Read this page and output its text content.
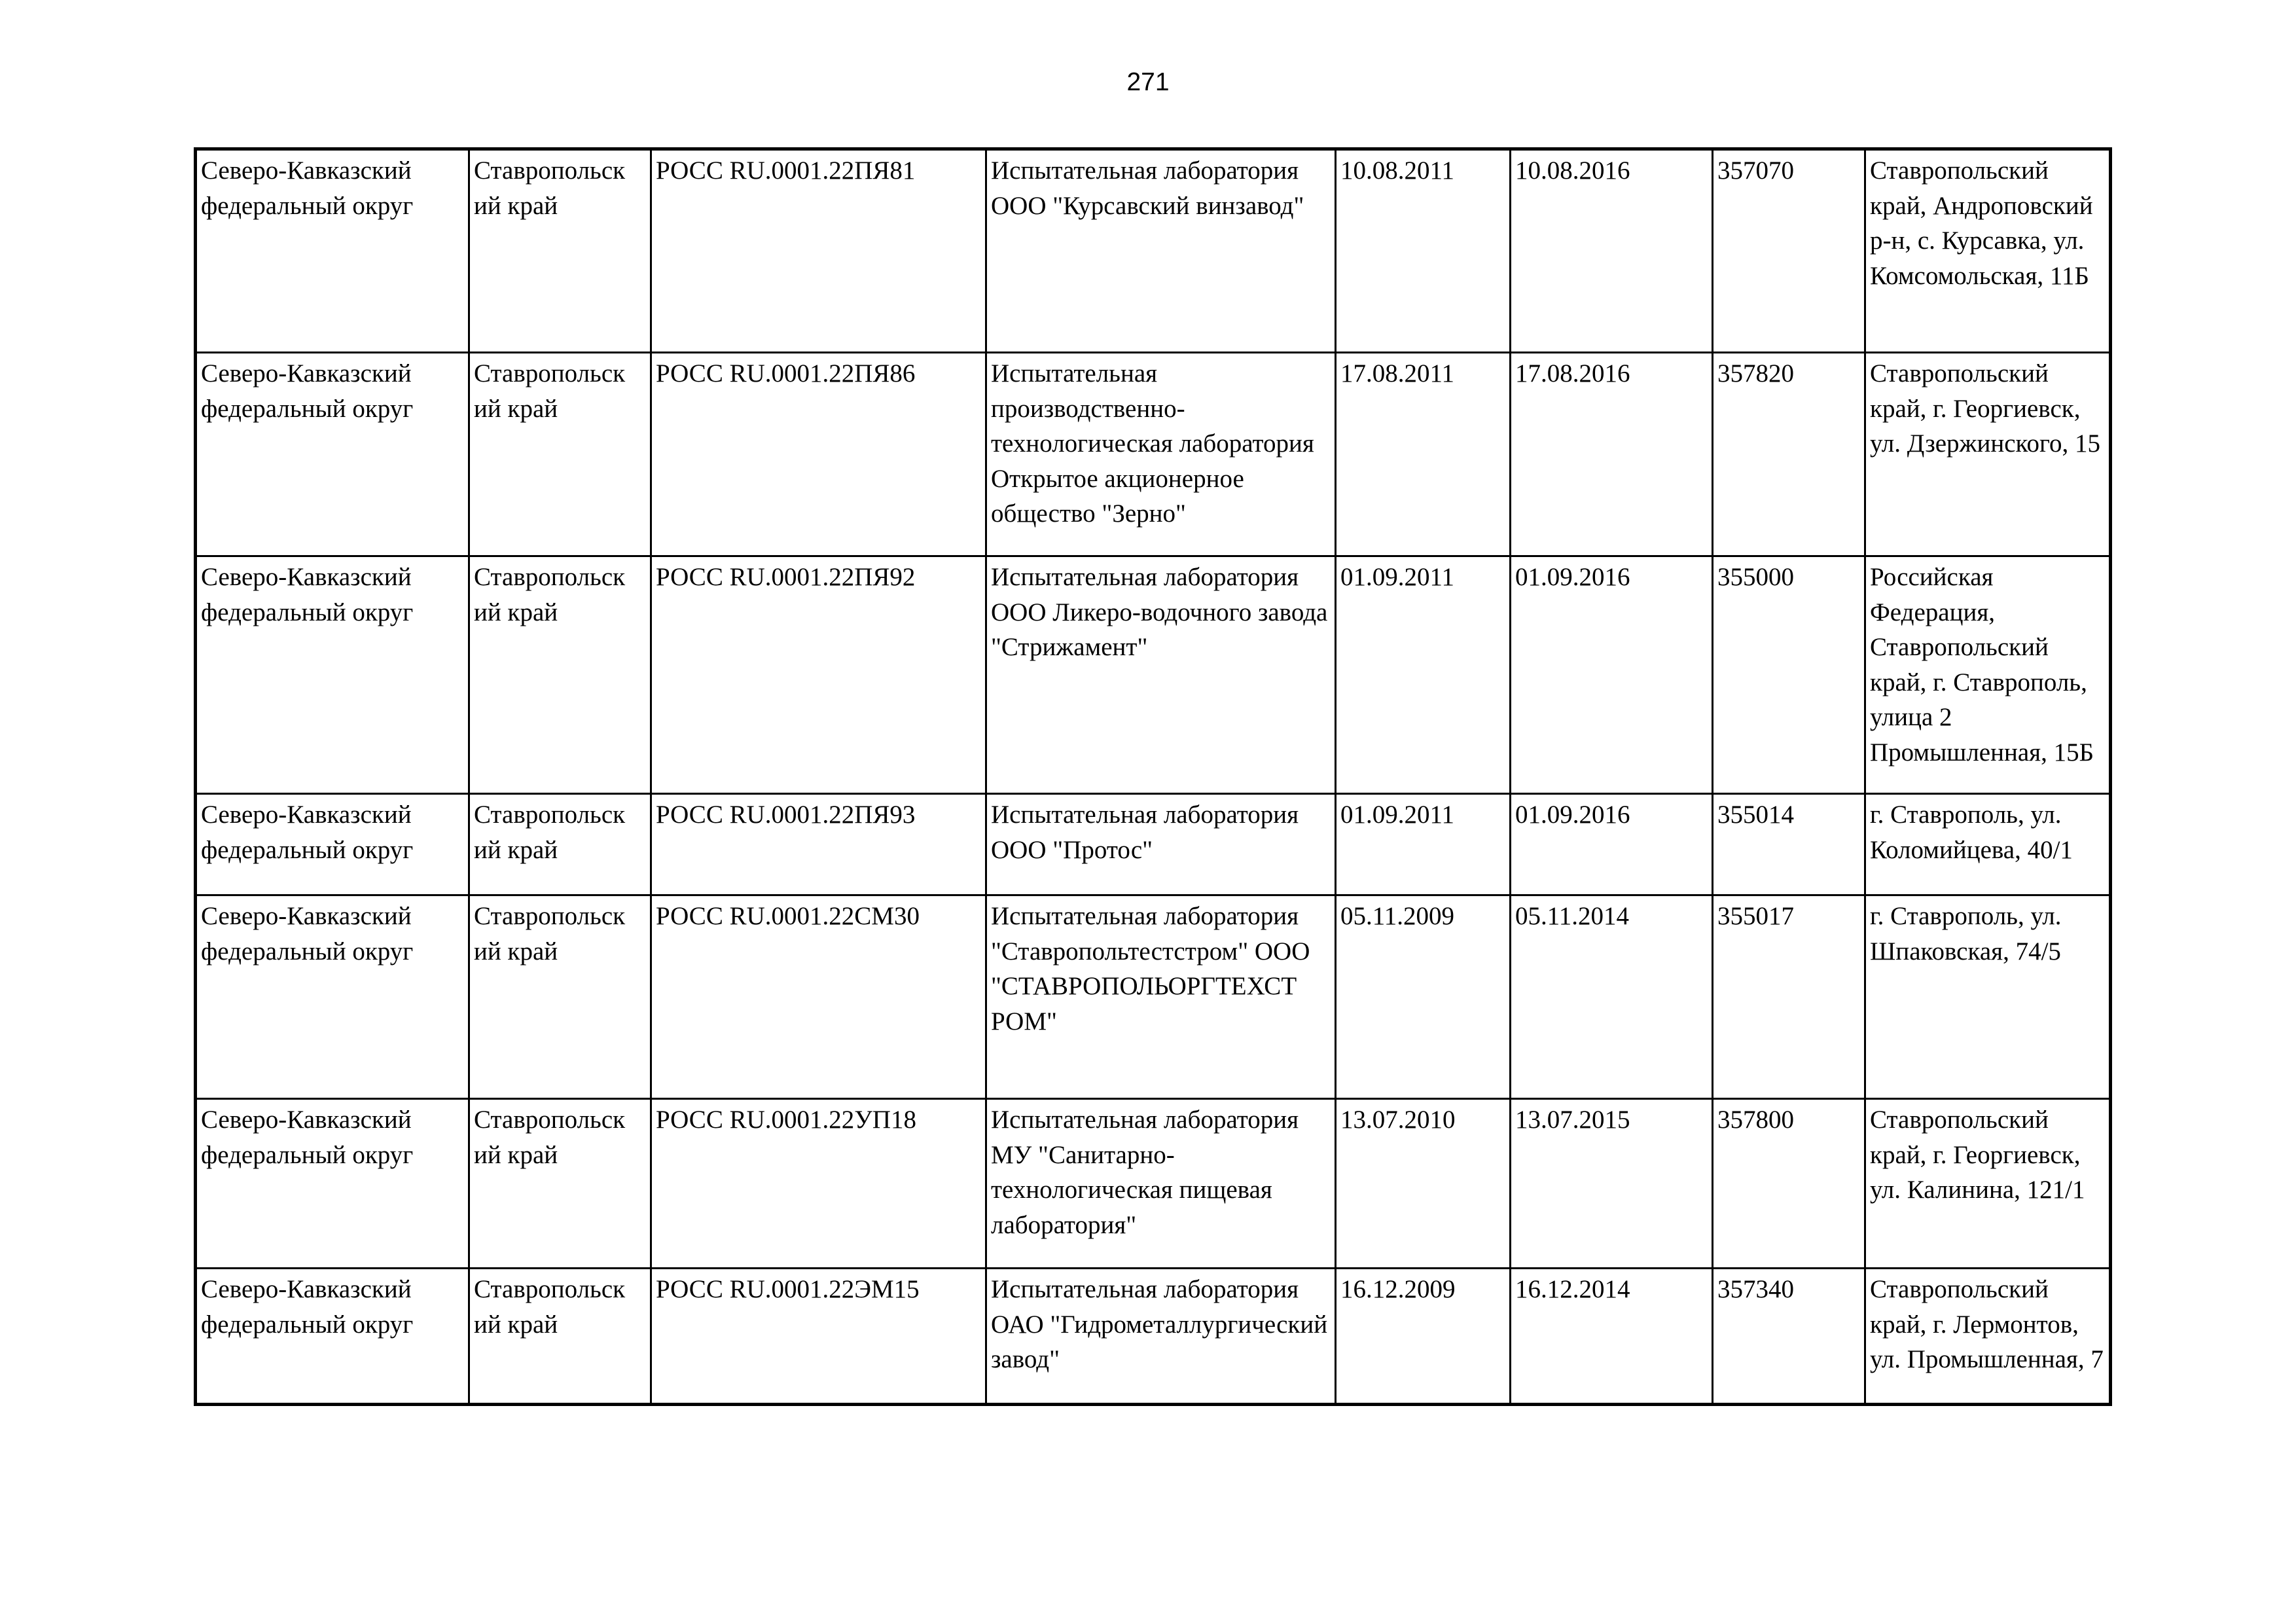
271
Северо-Кавказский федеральный округ	Ставропольск ий край	РОСС RU.0001.22ПЯ81	Испытательная лаборатория ООО "Курсавский винзавод"	10.08.2011	10.08.2016	357070	Ставропольский край, Андроповский р-н, с. Курсавка, ул. Комсомольская, 11Б

Северо-Кавказский федеральный округ	Ставропольск ий край	РОСС RU.0001.22ПЯ86	Испытательная производственно-технологическая лаборатория Открытое акционерное общество "Зерно"	17.08.2011	17.08.2016	357820	Ставропольский край, г. Георгиевск, ул. Дзержинского, 15

Северо-Кавказский федеральный округ	Ставропольск ий край	РОСС RU.0001.22ПЯ92	Испытательная лаборатория ООО Ликеро-водочного завода "Стрижамент"	01.09.2011	01.09.2016	355000	Российская Федерация, Ставропольский край, г. Ставрополь, улица 2 Промышленная, 15Б

Северо-Кавказский федеральный округ	Ставропольск ий край	РОСС RU.0001.22ПЯ93	Испытательная лаборатория ООО "Протос"	01.09.2011	01.09.2016	355014	г. Ставрополь, ул. Коломийцева, 40/1

Северо-Кавказский федеральный округ	Ставропольск ий край	РОСС RU.0001.22СМ30	Испытательная лаборатория "Ставропольтестстром" ООО "СТАВРОПОЛЬОРГТЕХСТ РОМ"	05.11.2009	05.11.2014	355017	г. Ставрополь, ул. Шпаковская, 74/5

Северо-Кавказский федеральный округ	Ставропольск ий край	РОСС RU.0001.22УП18	Испытательная лаборатория МУ "Санитарно-технологическая пищевая лаборатория"	13.07.2010	13.07.2015	357800	Ставропольский край, г. Георгиевск, ул. Калинина, 121/1

Северо-Кавказский федеральный округ	Ставропольск ий край	РОСС RU.0001.22ЭМ15	Испытательная лаборатория ОАО "Гидрометаллургический завод"	16.12.2009	16.12.2014	357340	Ставропольский край, г. Лермонтов, ул. Промышленная, 7
